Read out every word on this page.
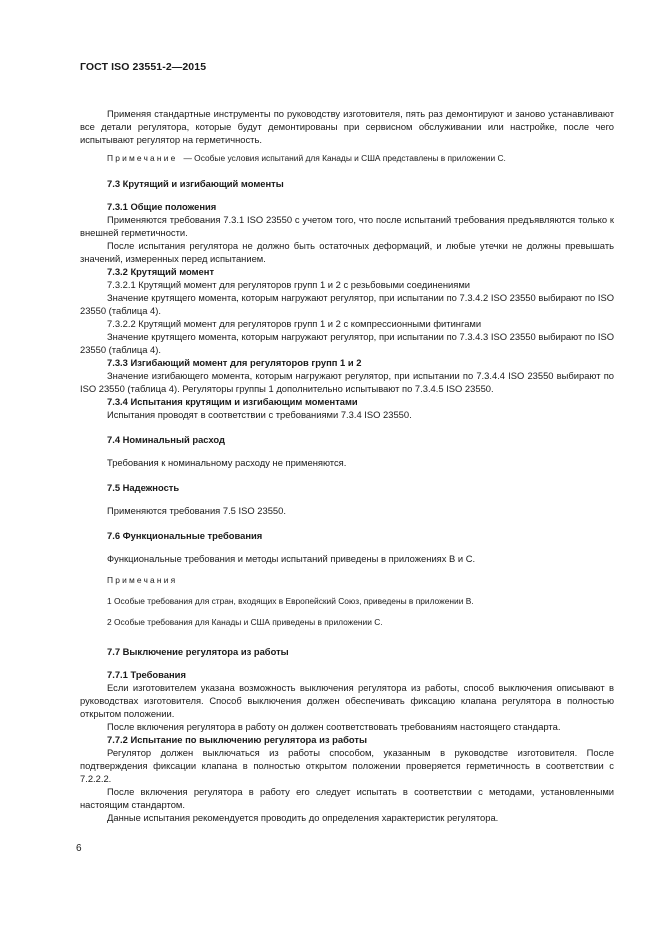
ГОСТ ISO 23551-2—2015

Применяя стандартные инструменты по руководству изготовителя, пять раз демонтируют и заново устанавливают все детали регулятора, которые будут демонтированы при сервисном обслуживании или настройке, после чего испытывают регулятор на герметичность.

Примечание — Особые условия испытаний для Канады и США представлены в приложении С.

7.3 Крутящий и изгибающий моменты

7.3.1 Общие положения

Применяются требования 7.3.1 ISO 23550 с учетом того, что после испытаний требования предъявляются только к внешней герметичности.

После испытания регулятора не должно быть остаточных деформаций, и любые утечки не должны превышать значений, измеренных перед испытанием.

7.3.2 Крутящий момент

7.3.2.1 Крутящий момент для регуляторов групп 1 и 2 с резьбовыми соединениями

Значение крутящего момента, которым нагружают регулятор, при испытании по 7.3.4.2 ISO 23550 выбирают по ISO 23550 (таблица 4).

7.3.2.2 Крутящий момент для регуляторов групп 1 и 2 с компрессионными фитингами

Значение крутящего момента, которым нагружают регулятор, при испытании по 7.3.4.3 ISO 23550 выбирают по ISO 23550 (таблица 4).

7.3.3 Изгибающий момент для регуляторов групп 1 и 2

Значение изгибающего момента, которым нагружают регулятор, при испытании по 7.3.4.4 ISO 23550 выбирают по ISO 23550 (таблица 4). Регуляторы группы 1 дополнительно испытывают по 7.3.4.5 ISO 23550.

7.3.4 Испытания крутящим и изгибающим моментами

Испытания проводят в соответствии с требованиями 7.3.4 ISO 23550.

7.4 Номинальный расход

Требования к номинальному расходу не применяются.

7.5 Надежность

Применяются требования 7.5 ISO 23550.

7.6 Функциональные требования

Функциональные требования и методы испытаний приведены в приложениях В и С.

Примечания

1 Особые требования для стран, входящих в Европейский Союз, приведены в приложении В.

2 Особые требования для Канады и США приведены в приложении С.

7.7 Выключение регулятора из работы

7.7.1 Требования

Если изготовителем указана возможность выключения регулятора из работы, способ выключения описывают в руководствах изготовителя. Способ выключения должен обеспечивать фиксацию клапана регулятора в полностью открытом положении.

После включения регулятора в работу он должен соответствовать требованиям настоящего стандарта.

7.7.2 Испытание по выключению регулятора из работы

Регулятор должен выключаться из работы способом, указанным в руководстве изготовителя. После подтверждения фиксации клапана в полностью открытом положении проверяется герметичность в соответствии с 7.2.2.2.

После включения регулятора в работу его следует испытать в соответствии с методами, установленными настоящим стандартом.

Данные испытания рекомендуется проводить до определения характеристик регулятора.

6
